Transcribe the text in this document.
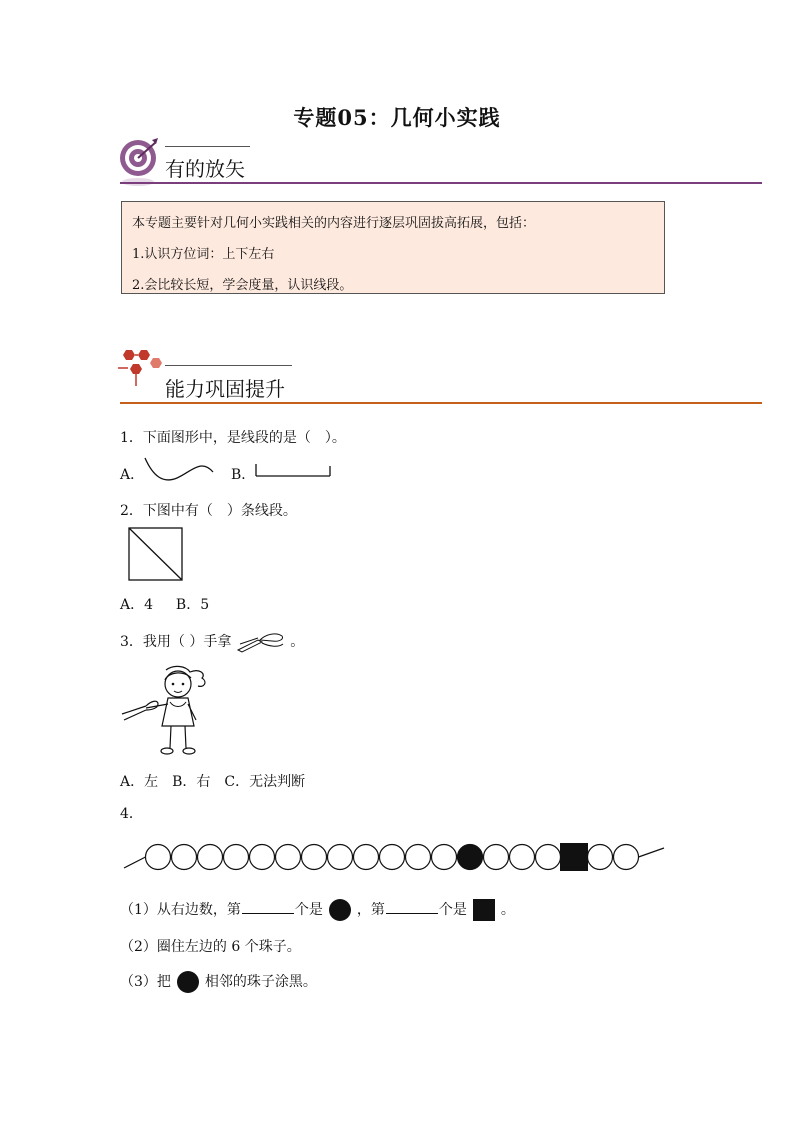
专题05：几何小实践
有的放矢
本专题主要针对几何小实践相关的内容进行逐层巩固拔高拓展，包括：
1.认识方位词：上下左右
2.会比较长短，学会度量，认识线段。
能力巩固提升
1．下面图形中，是线段的是（　）。
A．	B．
2．下图中有（　）条线段。
A．4　  B．5
3．我用（ ）手拿	。
A．左　B．右　C．无法判断
4．
（1）从右边数，第	个是 ，第	个是 。
（2）圈住左边的 6 个珠子。
（3）把 相邻的珠子涂黑。
